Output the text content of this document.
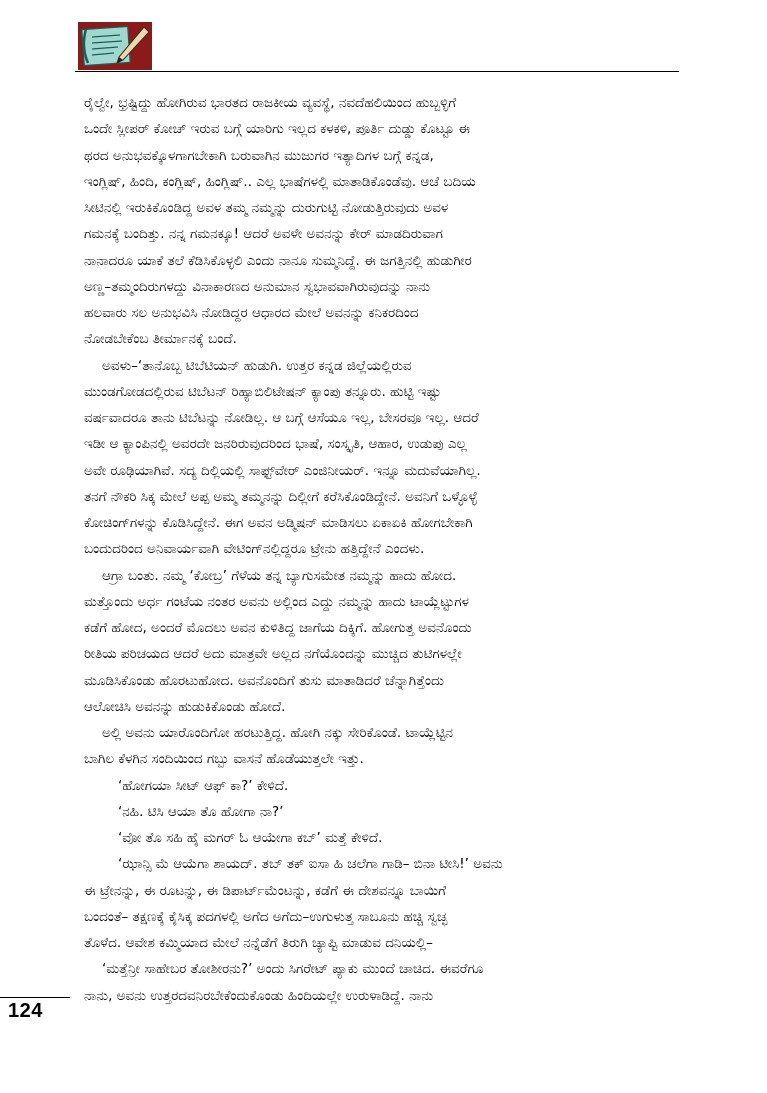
ರೈಲ್ವೇ, ಭ್ರಷ್ಟಿದ್ದು ಹೋಗಿರುವ ಭಾರತದ ರಾಜಕೀಯ ವ್ಯವಸ್ಥೆ, ನವದೆಹಲಿಯಿಂದ ಹುಬ್ಬಳ್ಳಿಗೆ
ಒಂದೇ ಸ್ಲೀಪರ್ ಕೋಚ್ ಇರುವ ಬಗ್ಗೆ ಯಾರಿಗು ಇಲ್ಲದ ಕಳಕಳಿ, ಪೂರ್ತಿ ದುಡ್ಡು ಕೊಟ್ಟೂ ಈ
ಥರದ ಅನುಭವಕ್ಕೊಳಗಾಗಬೇಕಾಗಿ ಬರುವಾಗಿನ ಮುಜುಗರ ಇತ್ಯಾದಿಗಳ ಬಗ್ಗೆ ಕನ್ನಡ,
ಇಂಗ್ಲಿಷ್, ಹಿಂದಿ, ಕಂಗ್ಲಿಷ್, ಹಿಂಗ್ಲಿಷ್.. ಎಲ್ಲ ಭಾಷೆಗಳಲ್ಲಿ ಮಾತಾಡಿಕೊಂಡೆವು. ಆಚೆ ಬದಿಯ
ಸೀಟಿನಲ್ಲಿ ಇರುಕಿಕೊಂಡಿದ್ದ ಅವಳ ತಮ್ಮ ನಮ್ಮನ್ನು ದುರುಗುಟ್ಟಿ ನೋಡುತ್ತಿರುವುದು ಅವಳ
ಗಮನಕ್ಕೆ ಬಂದಿತ್ತು. ನನ್ನ ಗಮನಕ್ಕೂ! ಆದರೆ ಅವಳೇ ಅವನನ್ನು ಕೇರ್ ಮಾಡದಿರುವಾಗ
ನಾನಾದರೂ ಯಾಕೆ ತಲೆ ಕೆಡಿಸಿಕೊಳ್ಳಲಿ ಎಂದು ನಾನೂ ಸುಮ್ಮನಿದ್ದೆ. ಈ ಜಗತ್ತಿನಲ್ಲಿ ಹುಡುಗೀರ
ಅಣ್ಣ–ತಮ್ಮಂದಿರುಗಳದ್ದು ವಿನಾಕಾರಣದ ಅನುಮಾನ ಸ್ವಭಾವವಾಗಿರುವುದನ್ನು ನಾನು
ಹಲವಾರು ಸಲ ಅನುಭವಿಸಿ ನೋಡಿದ್ದರ ಆಧಾರದ ಮೇಲೆ ಅವನನ್ನು ಕನಿಕರದಿಂದ
ನೋಡಬೇಕೆಂಬ ತೀರ್ಮಾನಕ್ಕೆ ಬಂದೆ.
ಅವಳು–‘ತಾನೊಬ್ಬ ಟಿಬೆಟಿಯನ್ ಹುಡುಗಿ. ಉತ್ತರ ಕನ್ನಡ ಜಿಲ್ಲೆಯಲ್ಲಿರುವ
ಮುಂಡಗೋಡದಲ್ಲಿರುವ ಟಿಬೆಟನ್ ರಿಹ್ಯಾಬಿಲಿಟೇಷನ್ ಕ್ಯಾಂಪು ತನ್ನೂರು. ಹುಟ್ಟಿ ಇಷ್ಟು
ವರ್ಷವಾದರೂ ತಾನು ಟಿಬೆಟನ್ನು ನೋಡಿಲ್ಲ. ಆ ಬಗ್ಗೆ ಆಸೆಯೂ ಇಲ್ಲ, ಬೇಸರವೂ ಇಲ್ಲ. ಆದರೆ
ಇಡೀ ಆ ಕ್ಯಾಂಪಿನಲ್ಲಿ ಅವರದೇ ಜನರಿರುವುದರಿಂದ ಭಾಷೆ, ಸಂಸ್ಕೃತಿ, ಆಹಾರ, ಉಡುಪು ಎಲ್ಲ
ಅವೇ ರೂಢಿಯಾಗಿವೆ. ಸದ್ಯ ದಿಲ್ಲಿಯಲ್ಲಿ ಸಾಫ್ಟ್‌ವೇರ್ ಎಂಜಿನೀಯರ್. ಇನ್ನೂ ಮದುವೆಯಾಗಿಲ್ಲ.
ತನಗೆ ನೌಕರಿ ಸಿಕ್ಕ ಮೇಲೆ ಅಪ್ಪ ಅಮ್ಮ ತಮ್ಮನನ್ನು ದಿಲ್ಲೀಗೆ ಕರೆಸಿಕೊಂಡಿದ್ದೇನೆ. ಅವನಿಗೆ ಒಳ್ಳೊಳ್ಳೆ
ಕೋಚಿಂಗ್‌ಗಳನ್ನು ಕೊಡಿಸಿದ್ದೇನೆ. ಈಗ ಅವನ ಅಡ್ಮಿಷನ್ ಮಾಡಿಸಲು ಏಕಾಏಕಿ ಹೋಗಬೇಕಾಗಿ
ಬಂದುದರಿಂದ ಅನಿವಾರ್ಯವಾಗಿ ವೇಟಿಂಗ್‌ನಲ್ಲಿದ್ದರೂ ಟ್ರೇನು ಹತ್ತಿದ್ದೇನೆ ಎಂದಳು.
ಆಗ್ರಾ ಬಂತು. ನಮ್ಮ ‘ಕೋಬ್ರ’ ಗೆಳೆಯ ತನ್ನ ಬ್ಯಾಗುಸಮೇತ ನಮ್ಮನ್ನು ಹಾದು ಹೋದ.
ಮತ್ತೊಂದು ಅರ್ಧ ಗಂಟೆಯ ನಂತರ ಅವನು ಅಲ್ಲಿಂದ ಎದ್ದು ನಮ್ಮನ್ನು ಹಾದು ಟಾಯ್ಲೆಟ್ಟುಗಳ
ಕಡೆಗೆ ಹೋದ, ಅಂದರೆ ಮೊದಲು ಅವನ ಕುಳಿತಿದ್ದ ಜಾಗೆಯ ದಿಕ್ಕಿಗೆ. ಹೋಗುತ್ತ ಅವನೊಂದು
ರೀತಿಯ ಪರಿಚಯದ ಆದರೆ ಅದು ಮಾತ್ರವೇ ಅಲ್ಲದ ನಗೆಯೊಂದನ್ನು ಮುಚ್ಚಿದ ತುಟಿಗಳಲ್ಲೇ
ಮೂಡಿಸಿಕೊಂಡು ಹೊರಟುಹೋದ. ಅವನೊಂದಿಗೆ ತುಸು ಮಾತಾಡಿದರೆ ಚೆನ್ನಾಗಿತ್ತೆಂದು
ಆಲೋಚಿಸಿ ಅವನನ್ನು ಹುಡುಕಿಕೊಂಡು ಹೋದೆ.
ಅಲ್ಲಿ ಅವನು ಯಾರೊಂದಿಗೋ ಹರಟುತ್ತಿದ್ದ. ಹೋಗಿ ನಕ್ಕು ಸೇರಿಕೊಂಡೆ. ಟಾಯ್ಲೆಟ್ಟಿನ
ಬಾಗಿಲ ಕೆಳಗಿನ ಸಂದಿಯಿಂದ ಗಬ್ಬು ವಾಸನೆ ಹೊಡೆಯುತ್ತಲೇ ಇತ್ತು.
‘ಹೋಗಯಾ ಸೀಟ್ ಆಫ್ ಕಾ?’ ಕೇಳಿದೆ.
‘ನಹಿ. ಟಿಸಿ ಆಯಾ ತೊ ಹೋಗಾ ನಾ?’
‘ವೋ ತೊ ಸಹಿ ಹೈ ಮಗರ್ ಓ ಆಯೇಗಾ ಕಬ್’ ಮತ್ತೆ ಕೇಳಿದೆ.
‘ಝಾನ್ಸಿ ಮೆ ಆಯೆಗಾ ಶಾಯದ್. ತಬ್ ತಕ್ ಐಸಾ ಹಿ ಚಲೆಗಾ ಗಾಡಿ– ಬಿನಾ ಟೀಸಿ!’ ಅವನು
ಈ ಟ್ರೇನನ್ನು, ಈ ರೂಟನ್ನು, ಈ ಡಿಪಾರ್ಟ್‌ಮೆಂಟನ್ನು, ಕಡೆಗೆ ಈ ದೇಶವನ್ನೂ ಬಾಯಿಗೆ
ಬಂದಂತೆ– ತಕ್ಷಣಕ್ಕೆ ಕೈಸಿಕ್ಕ ಪದಗಳಲ್ಲಿ ಅಗೆದ ಅಗೆದು–ಉಗುಳುತ್ತ ಸಾಬೂನು ಹಚ್ಚಿ ಸ್ವಚ್ಛ
ತೊಳೆದ. ಆವೇಶ ಕಮ್ಮಿಯಾದ ಮೇಲೆ ನನ್ನೆಡೆಗೆ ತಿರುಗಿ ಚ್ಯಾಪ್ಟಿ ಮಾಡುವ ದನಿಯಲ್ಲಿ–
‘ಮತ್ತೆನ್ರೀ ಸಾಹೇಬರ ತೋಶೀರನು?’ ಅಂದು ಸಿಗರೇಟ್ ಪ್ಯಾಕು ಮುಂದೆ ಚಾಚಿದ. ಈವರೆಗೂ
ನಾನು, ಅವನು ಉತ್ತರದವನಿರಬೇಕೆಂದುಕೊಂಡು ಹಿಂದಿಯಲ್ಲೇ ಉರುಳಾಡಿದ್ದೆ. ನಾನು
124
